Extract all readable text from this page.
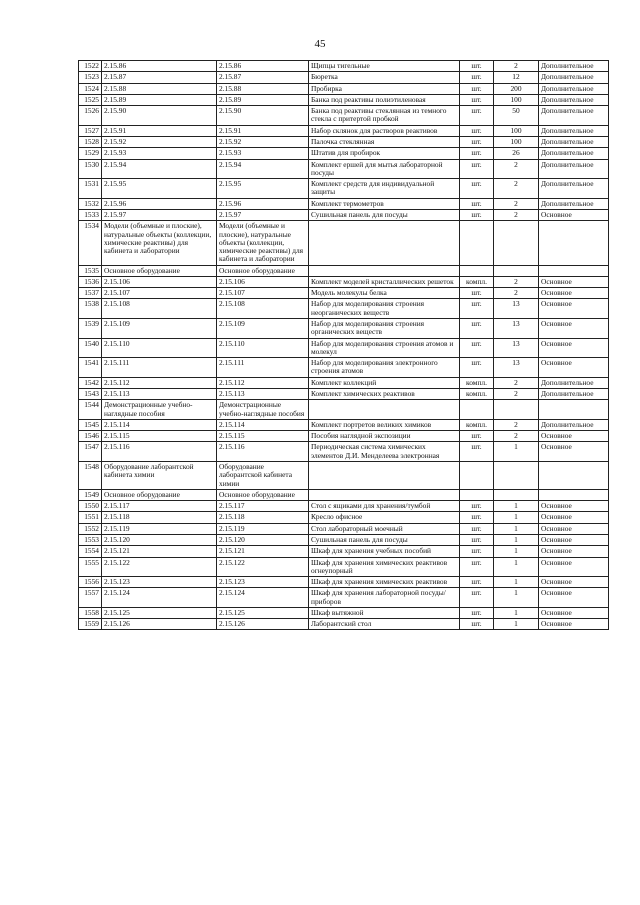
45
1522	2.15.86	2.15.86	Щипцы тигельные	шт.	2	Дополнительное
1523	2.15.87	2.15.87	Бюретка	шт.	12	Дополнительное
1524	2.15.88	2.15.88	Пробирка	шт.	200	Дополнительное
1525	2.15.89	2.15.89	Банка под реактивы полиэтиленовая	шт.	100	Дополнительное
1526	2.15.90	2.15.90	Банка под реактивы стеклянная из темного стекла с притертой пробкой	шт.	50	Дополнительное
1527	2.15.91	2.15.91	Набор склянок для растворов реактивов	шт.	100	Дополнительное
1528	2.15.92	2.15.92	Палочка стеклянная	шт.	100	Дополнительное
1529	2.15.93	2.15.93	Штатив для пробирок	шт.	26	Дополнительное
1530	2.15.94	2.15.94	Комплект ершей для мытья лабораторной посуды	шт.	2	Дополнительное
1531	2.15.95	2.15.95	Комплект средств для индивидуальной защиты	шт.	2	Дополнительное
1532	2.15.96	2.15.96	Комплект термометров	шт.	2	Дополнительное
1533	2.15.97	2.15.97	Сушильная панель для посуды	шт.	2	Основное
1534	Модели (объемные и плоские), натуральные объекты (коллекции, химические реактивы) для кабинета и лаборатории	Модели (объемные и плоские), натуральные объекты (коллекции, химические реактивы) для кабинета и лаборатории				
1535	Основное оборудование	Основное оборудование				
1536	2.15.106	2.15.106	Комплект моделей кристаллических решеток	компл.	2	Основное
1537	2.15.107	2.15.107	Модель молекулы белка	шт.	2	Основное
1538	2.15.108	2.15.108	Набор для моделирования строения неорганических веществ	шт.	13	Основное
1539	2.15.109	2.15.109	Набор для моделирования строения органических веществ	шт.	13	Основное
1540	2.15.110	2.15.110	Набор для моделирования строения атомов и молекул	шт.	13	Основное
1541	2.15.111	2.15.111	Набор для моделирования электронного строения атомов	шт.	13	Основное
1542	2.15.112	2.15.112	Комплект коллекций	компл.	2	Дополнительное
1543	2.15.113	2.15.113	Комплект химических реактивов	компл.	2	Дополнительное
1544	Демонстрационные учебно-наглядные пособия	Демонстрационные учебно-наглядные пособия				
1545	2.15.114	2.15.114	Комплект портретов великих химиков	компл.	2	Дополнительное
1546	2.15.115	2.15.115	Пособия наглядной экспозиции	шт.	2	Основное
1547	2.15.116	2.15.116	Периодическая система химических элементов Д.И. Менделеева электронная	шт.	1	Основное
1548	Оборудование лаборантской кабинета химии	Оборудование лаборантской кабинета химии				
1549	Основное оборудование	Основное оборудование				
1550	2.15.117	2.15.117	Стол с ящиками для хранения/тумбой	шт.	1	Основное
1551	2.15.118	2.15.118	Кресло офисное	шт.	1	Основное
1552	2.15.119	2.15.119	Стол лабораторный моечный	шт.	1	Основное
1553	2.15.120	2.15.120	Сушильная панель для посуды	шт.	1	Основное
1554	2.15.121	2.15.121	Шкаф для хранения учебных пособий	шт.	1	Основное
1555	2.15.122	2.15.122	Шкаф для хранения химических реактивов огнеупорный	шт.	1	Основное
1556	2.15.123	2.15.123	Шкаф для хранения химических реактивов	шт.	1	Основное
1557	2.15.124	2.15.124	Шкаф для хранения лабораторной посуды/приборов	шт.	1	Основное
1558	2.15.125	2.15.125	Шкаф вытяжной	шт.	1	Основное
1559	2.15.126	2.15.126	Лаборантский стол	шт.	1	Основное
